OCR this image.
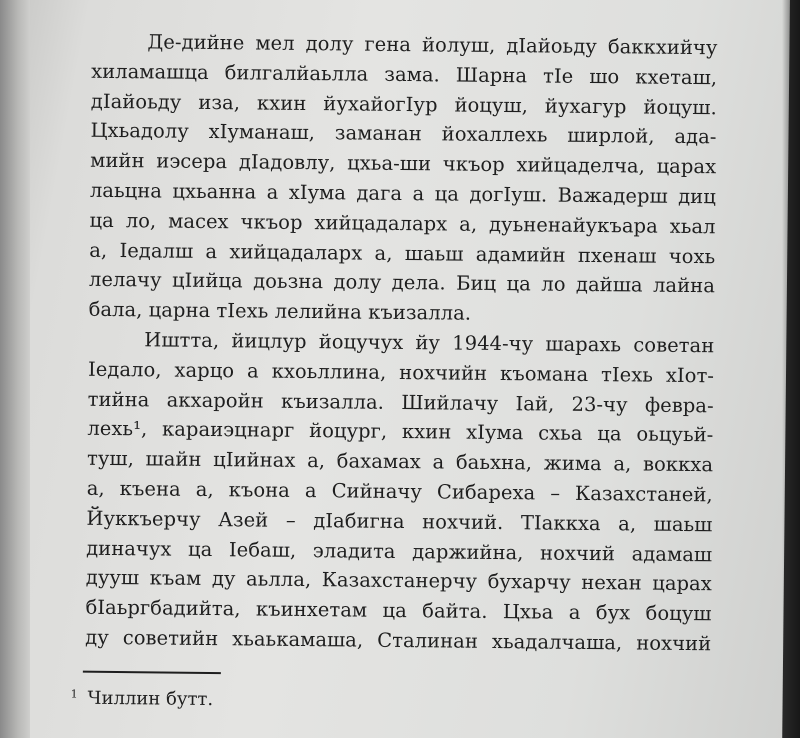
Де-дийне мел долу гена йолуш, дIайоьду баккхийчу
хиламашца билгалйаьлла зама. Шарна тIе шо кхеташ,
дIайоьду иза, кхин йухайогIур йоцуш, йухагур йоцуш.
Цхьадолу хIуманаш, заманан йохаллехь ширлой, ада-
мийн иэсера дIадовлу, цхьа-ши чкъор хийцаделча, царах
лаьцна цхьанна а хIума дага а ца догIуш. Важадерш диц
ца ло, масех чкъор хийцадаларх а, дуьненайукъара хьал
а, Iедалш а хийцадаларх а, шаьш адамийн пхенаш чохь
лелачу цIийца доьзна долу дела. Биц ца ло дайша лайна
бала, царна тIехь лелийна къизалла.
Иштта, йицлур йоцучух йу 1944-чу шарахь советан
Iедало, харцо а кхоьллина, нохчийн къомана тIехь хIот-
тийна акхаройн къизалла. Шийлачу Iай, 23-чу феврa-
лехь¹, караиэцнарг йоцург, кхин хIума схьа ца оьцуьй-
туш, шайн цIийнах а, бахамах а баьхна, жима а, воккха
а, къена а, къона а Сийначу Сибареха – Казахстаней,
Йуккъерчу Азей – дIабигна нохчий. ТIаккха а, шаьш
диначух ца Iебаш, эладита даржийна, нохчий адамаш
дууш къам ду аьлла, Казахстанерчу бухарчу нехан царах
бIаьргбадийта, къинхетам ца байта. Цхьа а бух боцуш
ду советийн хьаькамаша, Сталинан хьадалчаша, нохчий
$^1$ Чиллин бутт.
